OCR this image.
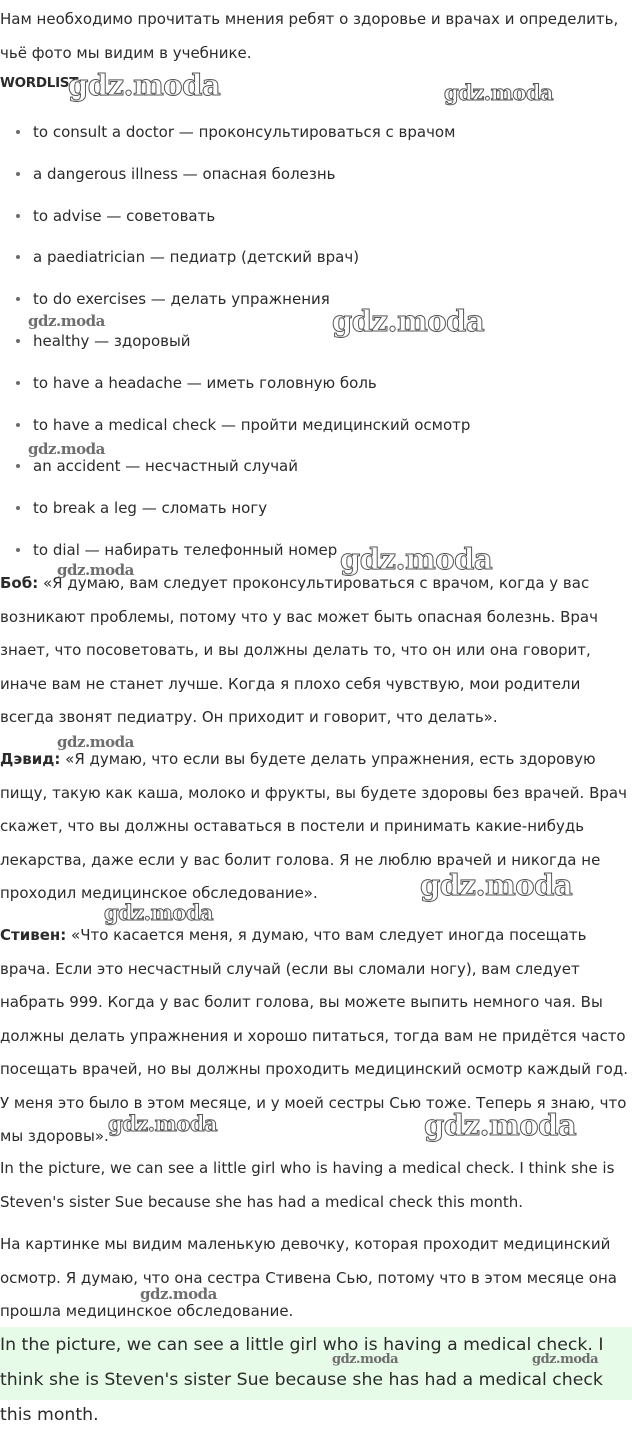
Нам необходимо прочитать мнения ребят о здоровье и врачах и определить, чьё фото мы видим в учебнике.

WORDLIST
to consult a doctor — проконсультироваться с врачом
a dangerous illness — опасная болезнь
to advise — советовать
a paediatrician — педиатр (детский врач)
to do exercises — делать упражнения
healthy — здоровый
to have a headache — иметь головную боль
to have a medical check — пройти медицинский осмотр
an accident — несчастный случай
to break a leg — сломать ногу
to dial — набирать телефонный номер

Боб: «Я думаю, вам следует проконсультироваться с врачом, когда у вас возникают проблемы, потому что у вас может быть опасная болезнь. Врач знает, что посоветовать, и вы должны делать то, что он или она говорит, иначе вам не станет лучше. Когда я плохо себя чувствую, мои родители всегда звонят педиатру. Он приходит и говорит, что делать».

Дэвид: «Я думаю, что если вы будете делать упражнения, есть здоровую пищу, такую как каша, молоко и фрукты, вы будете здоровы без врачей. Врач скажет, что вы должны оставаться в постели и принимать какие-нибудь лекарства, даже если у вас болит голова. Я не люблю врачей и никогда не проходил медицинское обследование».

Стивен: «Что касается меня, я думаю, что вам следует иногда посещать врача. Если это несчастный случай (если вы сломали ногу), вам следует набрать 999. Когда у вас болит голова, вы можете выпить немного чая. Вы должны делать упражнения и хорошо питаться, тогда вам не придётся часто посещать врачей, но вы должны проходить медицинский осмотр каждый год. У меня это было в этом месяце, и у моей сестры Сью тоже. Теперь я знаю, что мы здоровы».

In the picture, we can see a little girl who is having a medical check. I think she is Steven's sister Sue because she has had a medical check this month.

На картинке мы видим маленькую девочку, которая проходит медицинский осмотр. Я думаю, что она сестра Стивена Сью, потому что в этом месяце она прошла медицинское обследование.

In the picture, we can see a little girl who is having a medical check. I think she is Steven's sister Sue because she has had a medical check this month.

gdz.moda	gdz.moda
gdz.moda	gdz.moda
gdz.moda
gdz.moda
gdz.moda
gdz.moda
gdz.moda
gdz.moda
gdz.moda	gdz.moda
gdz.moda
gdz.moda	gdz.moda
